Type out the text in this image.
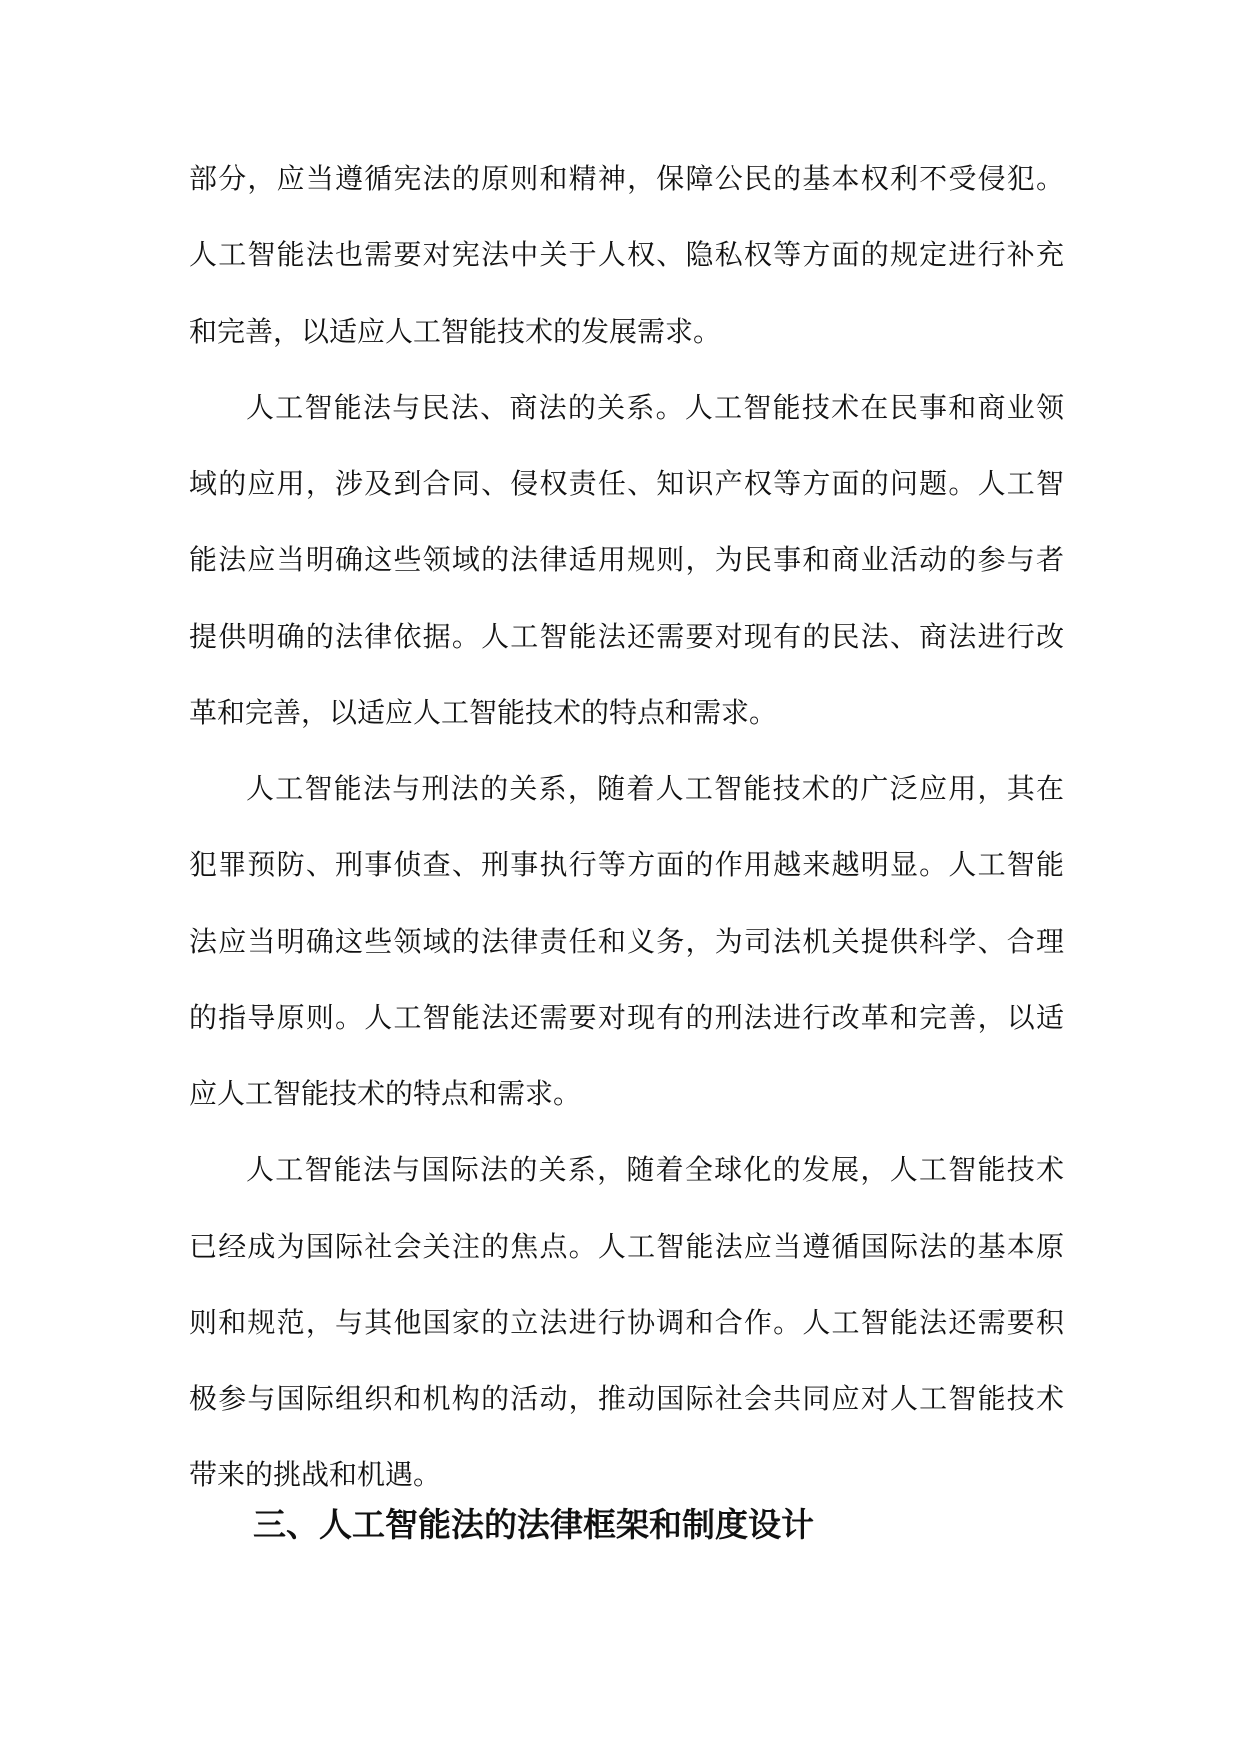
部分，应当遵循宪法的原则和精神，保障公民的基本权利不受侵犯。
人工智能法也需要对宪法中关于人权、隐私权等方面的规定进行补充
和完善，以适应人工智能技术的发展需求。
人工智能法与民法、商法的关系。人工智能技术在民事和商业领
域的应用，涉及到合同、侵权责任、知识产权等方面的问题。人工智
能法应当明确这些领域的法律适用规则，为民事和商业活动的参与者
提供明确的法律依据。人工智能法还需要对现有的民法、商法进行改
革和完善，以适应人工智能技术的特点和需求。
人工智能法与刑法的关系，随着人工智能技术的广泛应用，其在
犯罪预防、刑事侦查、刑事执行等方面的作用越来越明显。人工智能
法应当明确这些领域的法律责任和义务，为司法机关提供科学、合理
的指导原则。人工智能法还需要对现有的刑法进行改革和完善，以适
应人工智能技术的特点和需求。
人工智能法与国际法的关系，随着全球化的发展，人工智能技术
已经成为国际社会关注的焦点。人工智能法应当遵循国际法的基本原
则和规范，与其他国家的立法进行协调和合作。人工智能法还需要积
极参与国际组织和机构的活动，推动国际社会共同应对人工智能技术
带来的挑战和机遇。
三、人工智能法的法律框架和制度设计
